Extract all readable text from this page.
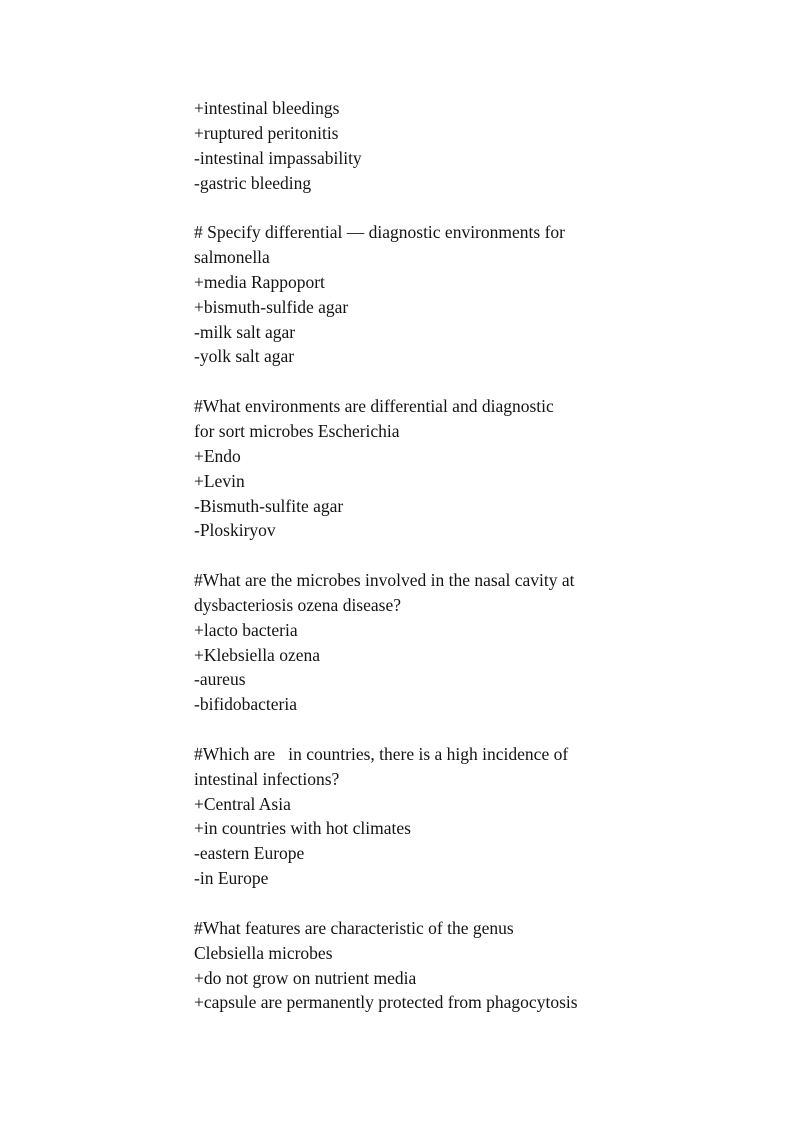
+intestinal bleedings
+ruptured peritonitis
-intestinal impassability
-gastric bleeding
# Specify differential — diagnostic environments for
salmonella
+media Rappoport
+bismuth-sulfide agar
-milk salt agar
-yolk salt agar
#What environments are differential and diagnostic
for sort microbes Escherichia
+Endo
+Levin
-Bismuth-sulfite agar
-Ploskiryov
#What are the microbes involved in the nasal cavity at
dysbacteriosis ozena disease?
+lacto bacteria
+Klebsiella ozena
-aureus
-bifidobacteria
#Which are   in countries, there is a high incidence of
intestinal infections?
+Central Asia
+in countries with hot climates
-eastern Europe
-in Europe
#What features are characteristic of the genus
Clebsiella microbes
+do not grow on nutrient media
+capsule are permanently protected from phagocytosis
